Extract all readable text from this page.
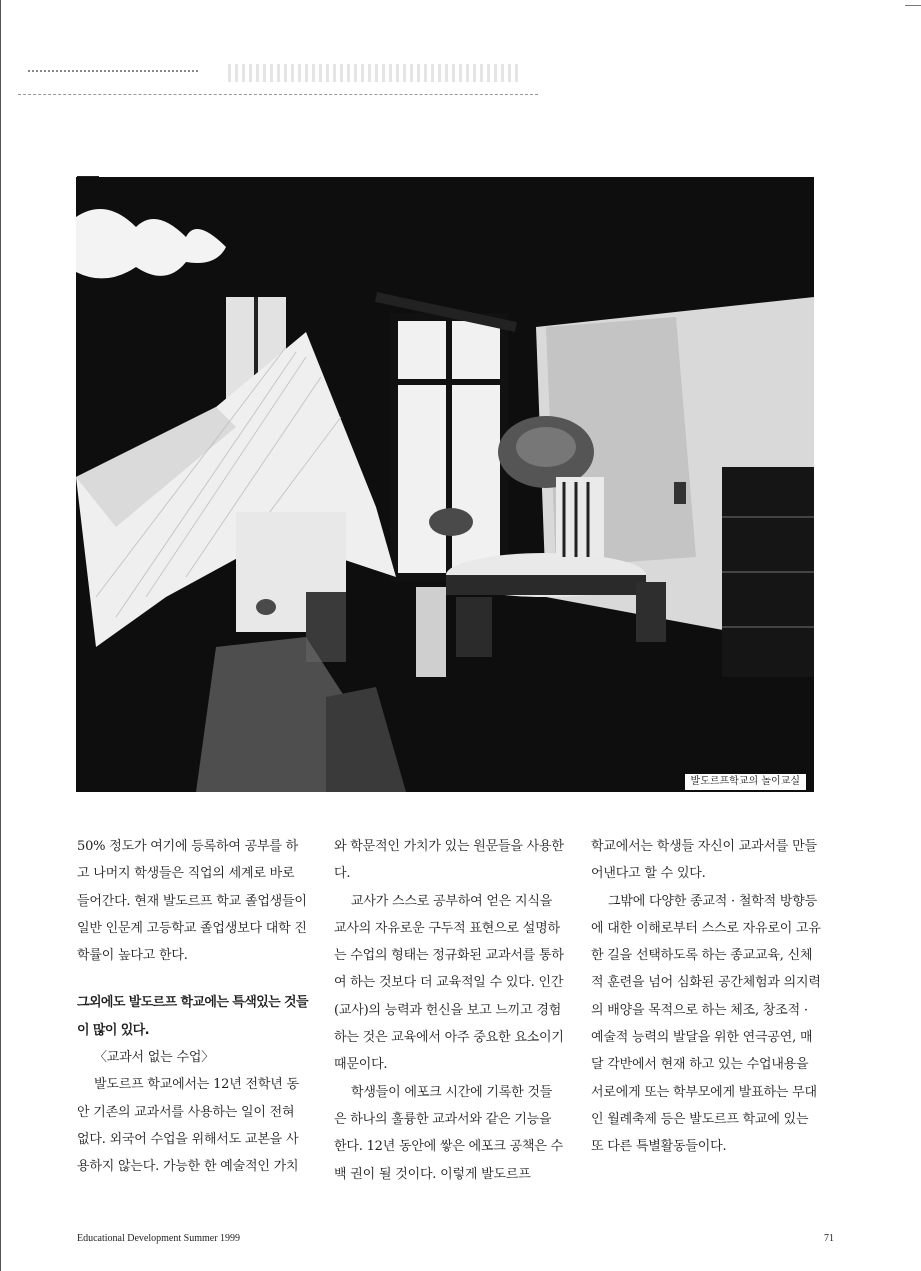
발도르프학교의 놀이교실

50% 정도가 여기에 등록하여 공부를 하고 나머지 학생들은 직업의 세계로 바로 들어간다. 현재 발도르프 학교 졸업생들이 일반 인문계 고등학교 졸업생보다 대학 진학률이 높다고 한다.

그외에도 발도르프 학교에는 특색있는 것들이 많이 있다.

〈교과서 없는 수업〉

발도르프 학교에서는 12년 전학년 동안 기존의 교과서를 사용하는 일이 전혀 없다. 외국어 수업을 위해서도 교본을 사용하지 않는다. 가능한 한 예술적인 가치

와 학문적인 가치가 있는 원문들을 사용한다.

교사가 스스로 공부하여 얻은 지식을 교사의 자유로운 구두적 표현으로 설명하는 수업의 형태는 정규화된 교과서를 통하여 하는 것보다 더 교육적일 수 있다. 인간(교사)의 능력과 헌신을 보고 느끼고 경험하는 것은 교육에서 아주 중요한 요소이기 때문이다.

학생들이 에포크 시간에 기록한 것들은 하나의 훌륭한 교과서와 같은 기능을 한다. 12년 동안에 쌓은 에포크 공책은 수백 권이 될 것이다. 이렇게 발도르프

학교에서는 학생들 자신이 교과서를 만들어낸다고 할 수 있다.

그밖에 다양한 종교적 · 철학적 방향등에 대한 이해로부터 스스로 자유로이 고유한 길을 선택하도록 하는 종교교육, 신체적 훈련을 넘어 심화된 공간체험과 의지력의 배양을 목적으로 하는 체조, 창조적 · 예술적 능력의 발달을 위한 연극공연, 매달 각반에서 현재 하고 있는 수업내용을 서로에게 또는 학부모에게 발표하는 무대인 월례축제 등은 발도르프 학교에 있는 또 다른 특별활동들이다.

Educational Development Summer 1999	71
